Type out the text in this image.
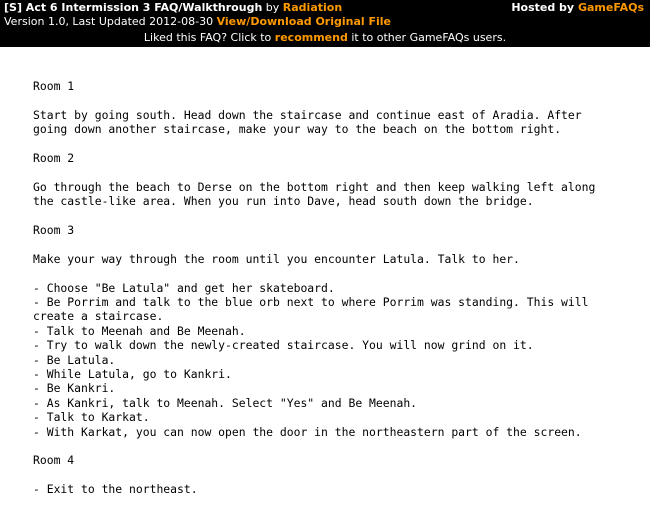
[S] Act 6 Intermission 3 FAQ/Walkthrough by Radiation	Hosted by GameFAQs
Version 1.0, Last Updated 2012-08-30 View/Download Original File
Liked this FAQ? Click to recommend it to other GameFAQs users.
Room 1
Start by going south. Head down the staircase and continue east of Aradia. After
going down another staircase, make your way to the beach on the bottom right.
Room 2
Go through the beach to Derse on the bottom right and then keep walking left along
the castle-like area. When you run into Dave, head south down the bridge.
Room 3
Make your way through the room until you encounter Latula. Talk to her.
- Choose "Be Latula" and get her skateboard.
- Be Porrim and talk to the blue orb next to where Porrim was standing. This will
create a staircase.
- Talk to Meenah and Be Meenah.
- Try to walk down the newly-created staircase. You will now grind on it.
- Be Latula.
- While Latula, go to Kankri.
- Be Kankri.
- As Kankri, talk to Meenah. Select "Yes" and Be Meenah.
- Talk to Karkat.
- With Karkat, you can now open the door in the northeastern part of the screen.
Room 4
- Exit to the northeast.
